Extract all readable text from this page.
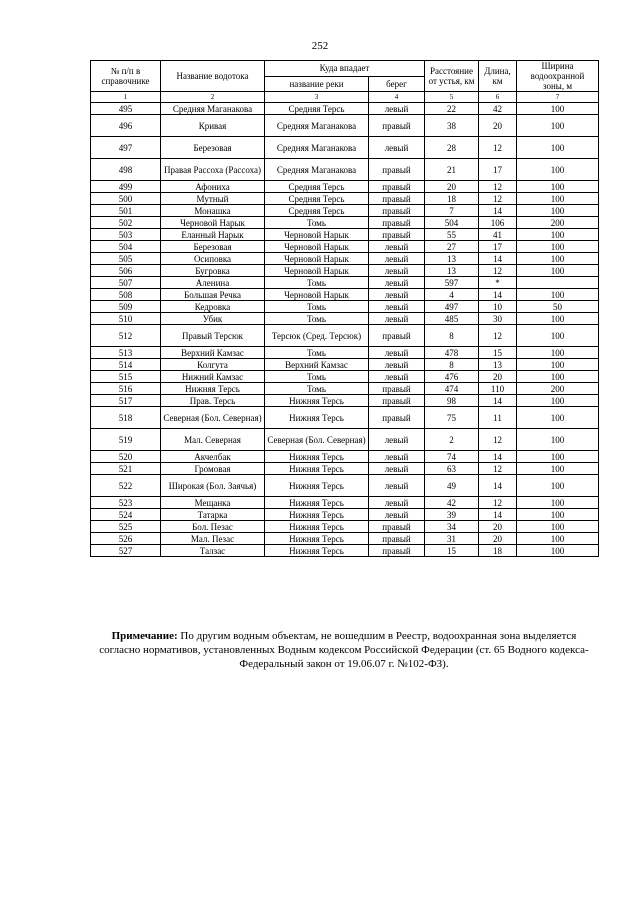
252
№ п/п в справочнике	Название водотока	Куда впадает		Расстояние от устья, км	Длина, км	Ширина водоохранной зоны, м
		название реки	берег			
1	2	3	4	5	6	7
495	Средняя Маганакова	Средняя Терсь	левый	22	42	100
496	Кривая	Средняя Маганакова	правый	38	20	100
497	Березовая	Средняя Маганакова	левый	28	12	100
498	Правая Рассоха (Рассоха)	Средняя Маганакова	правый	21	17	100
499	Афониха	Средняя Терсь	правый	20	12	100
500	Мутный	Средняя Терсь	правый	18	12	100
501	Монашка	Средняя Терсь	правый	7	14	100
502	Черновой Нарык	Томь	правый	504	106	200
503	Еланный Нарык	Черновой Нарык	правый	55	41	100
504	Березовая	Черновой Нарык	левый	27	17	100
505	Осиповка	Черновой Нарык	левый	13	14	100
506	Бугровка	Черновой Нарык	левый	13	12	100
507	Аленина	Томь	левый	597	*	
508	Большая Речка	Черновой Нарык	левый	4	14	100
509	Кедровка	Томь	левый	497	10	50
510	Убик	Томь	левый	485	30	100
512	Правый Терсюк	Терсюк (Сред. Терсюк)	правый	8	12	100
513	Верхний Камзас	Томь	левый	478	15	100
514	Колгута	Верхний Камзас	левый	8	13	100
515	Нижний Камзас	Томь	левый	476	20	100
516	Нижняя Терсь	Томь	правый	474	110	200
517	Прав. Терсь	Нижняя Терсь	правый	98	14	100
518	Северная (Бол. Северная)	Нижняя Терсь	правый	75	11	100
519	Мал. Северная	Северная (Бол. Северная)	левый	2	12	100
520	Акчелбак	Нижняя Терсь	левый	74	14	100
521	Громовая	Нижняя Терсь	левый	63	12	100
522	Широкая (Бол. Заячья)	Нижняя Терсь	левый	49	14	100
523	Мещанка	Нижняя Терсь	левый	42	12	100
524	Татарка	Нижняя Терсь	левый	39	14	100
525	Бол. Пезас	Нижняя Терсь	правый	34	20	100
526	Мал. Пезас	Нижняя Терсь	правый	31	20	100
527	Талзас	Нижняя Терсь	правый	15	18	100
Примечание: По другим водным объектам, не вошедшим в Реестр, водоохранная зона выделяется согласно нормативов, установленных Водным кодексом Российской Федерации (ст. 65 Водного кодекса-Федеральный закон от 19.06.07 г. №102-ФЗ).
